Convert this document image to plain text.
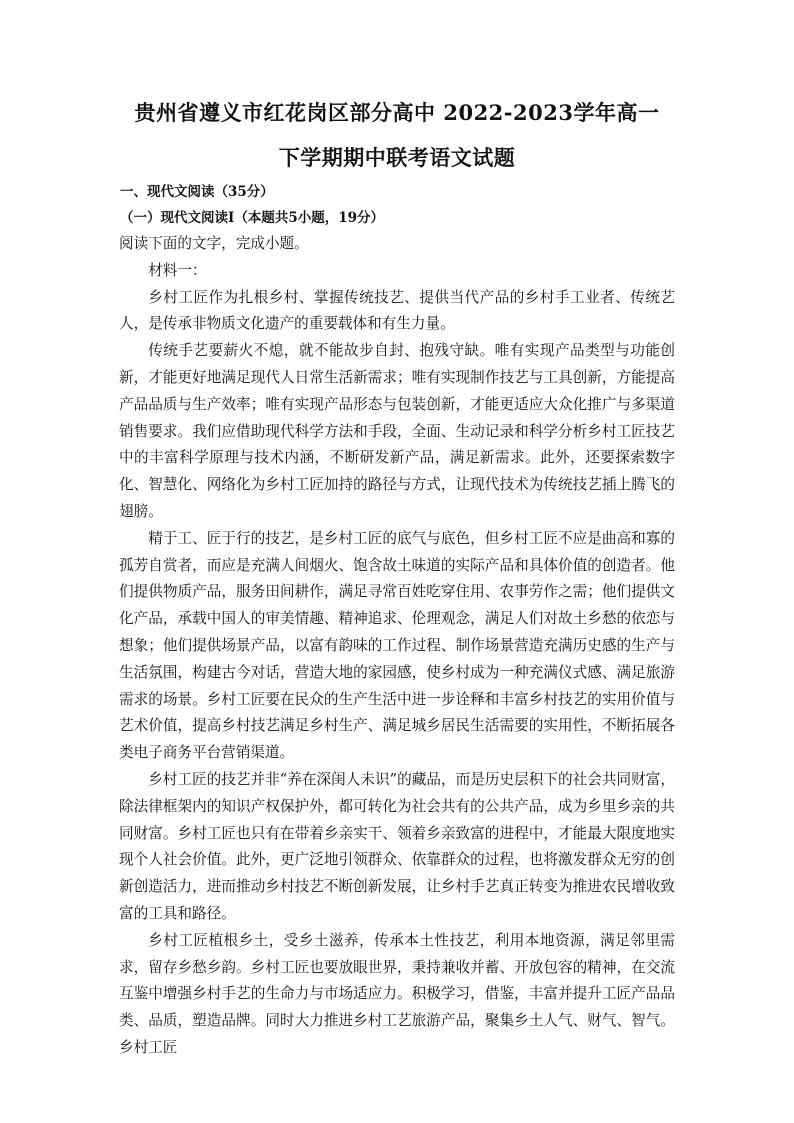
贵州省遵义市红花岗区部分高中 2022-2023学年高一
下学期期中联考语文试题
一、现代文阅读（35分）
（一）现代文阅读Ⅰ（本题共5小题，19分）

阅读下面的文字，完成小题。

材料一：

乡村工匠作为扎根乡村、掌握传统技艺、提供当代产品的乡村手工业者、传统艺人，是传承非物质文化遗产的重要载体和有生力量。

传统手艺要薪火不熄，就不能故步自封、抱残守缺。唯有实现产品类型与功能创新，才能更好地满足现代人日常生活新需求；唯有实现制作技艺与工具创新，方能提高产品品质与生产效率；唯有实现产品形态与包装创新，才能更适应大众化推广与多渠道销售要求。我们应借助现代科学方法和手段，全面、生动记录和科学分析乡村工匠技艺中的丰富科学原理与技术内涵，不断研发新产品，满足新需求。此外，还要探索数字化、智慧化、网络化为乡村工匠加持的路径与方式，让现代技术为传统技艺插上腾飞的翅膀。

精于工、匠于行的技艺，是乡村工匠的底气与底色，但乡村工匠不应是曲高和寡的孤芳自赏者，而应是充满人间烟火、饱含故土味道的实际产品和具体价值的创造者。他们提供物质产品，服务田间耕作，满足寻常百姓吃穿住用、农事劳作之需；他们提供文化产品，承载中国人的审美情趣、精神追求、伦理观念，满足人们对故土乡愁的依恋与想象；他们提供场景产品，以富有韵味的工作过程、制作场景营造充满历史感的生产与生活氛围，构建古今对话，营造大地的家园感，使乡村成为一种充满仪式感、满足旅游需求的场景。乡村工匠要在民众的生产生活中进一步诠释和丰富乡村技艺的实用价值与艺术价值，提高乡村技艺满足乡村生产、满足城乡居民生活需要的实用性，不断拓展各类电子商务平台营销渠道。

乡村工匠的技艺并非“养在深闺人未识”的藏品，而是历史层积下的社会共同财富，除法律框架内的知识产权保护外，都可转化为社会共有的公共产品，成为乡里乡亲的共同财富。乡村工匠也只有在带着乡亲实干、领着乡亲致富的进程中，才能最大限度地实现个人社会价值。此外，更广泛地引领群众、依靠群众的过程，也将激发群众无穷的创新创造活力，进而推动乡村技艺不断创新发展，让乡村手艺真正转变为推进农民增收致富的工具和路径。

乡村工匠植根乡土，受乡土滋养，传承本土性技艺，利用本地资源，满足邻里需求，留存乡愁乡韵。乡村工匠也要放眼世界，秉持兼收并蓄、开放包容的精神，在交流互鉴中增强乡村手艺的生命力与市场适应力。积极学习，借鉴，丰富并提升工匠产品品类、品质，塑造品牌。同时大力推进乡村工艺旅游产品，聚集乡土人气、财气、智气。乡村工匠
